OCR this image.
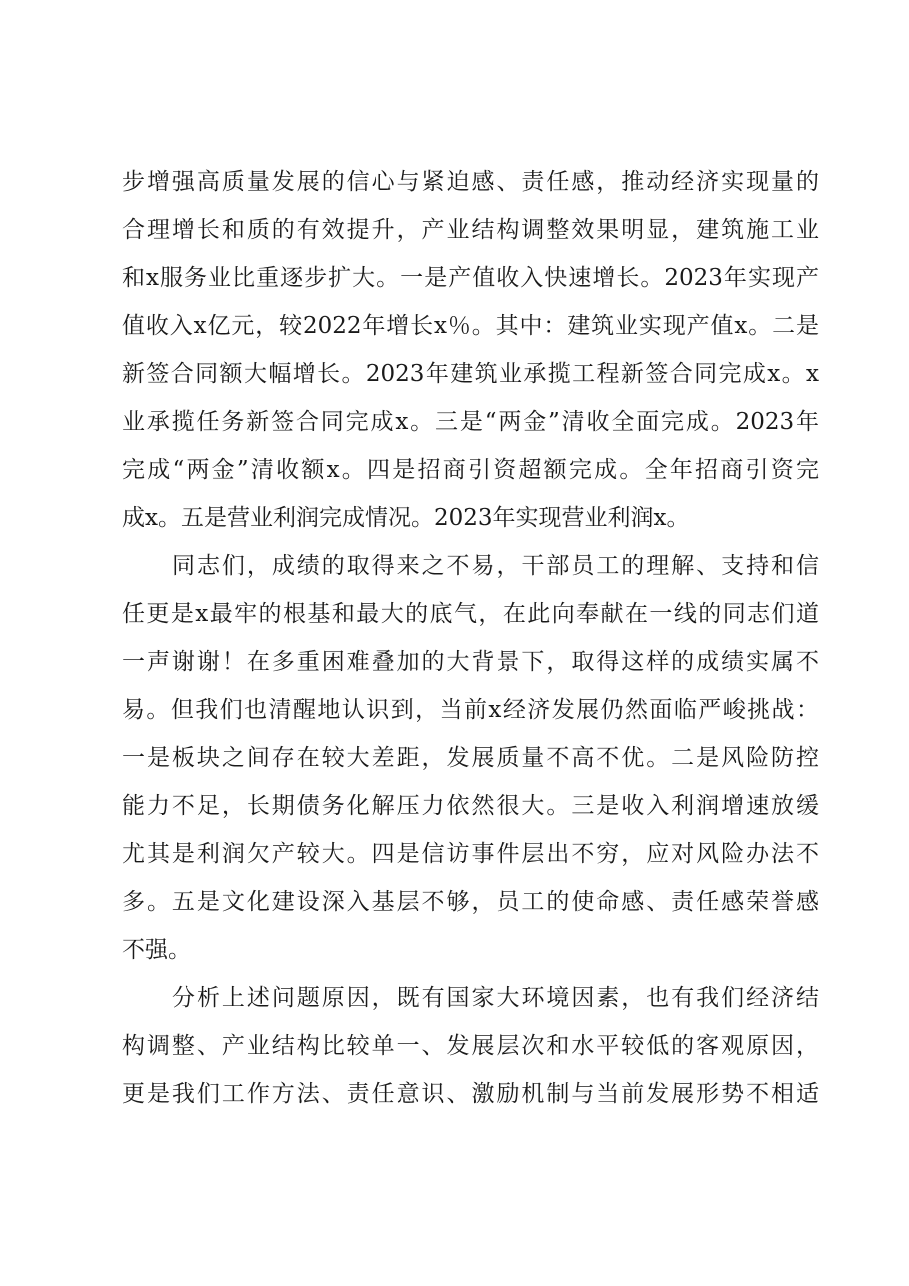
步增强高质量发展的信心与紧迫感、责任感，推动经济实现量的
合理增长和质的有效提升，产业结构调整效果明显，建筑施工业
和x服务业比重逐步扩大。一是产值收入快速增长。2023年实现产
值收入x亿元，较2022年增长x％。其中：建筑业实现产值x。二是
新签合同额大幅增长。2023年建筑业承揽工程新签合同完成x。x
业承揽任务新签合同完成x。三是“两金”清收全面完成。2023年
完成“两金”清收额x。四是招商引资超额完成。全年招商引资完
成x。五是营业利润完成情况。2023年实现营业利润x。
同志们，成绩的取得来之不易，干部员工的理解、支持和信
任更是x最牢的根基和最大的底气，在此向奉献在一线的同志们道
一声谢谢！在多重困难叠加的大背景下，取得这样的成绩实属不
易。但我们也清醒地认识到，当前x经济发展仍然面临严峻挑战：
一是板块之间存在较大差距，发展质量不高不优。二是风险防控
能力不足，长期债务化解压力依然很大。三是收入利润增速放缓
尤其是利润欠产较大。四是信访事件层出不穷，应对风险办法不
多。五是文化建设深入基层不够，员工的使命感、责任感荣誉感
不强。
分析上述问题原因，既有国家大环境因素，也有我们经济结
构调整、产业结构比较单一、发展层次和水平较低的客观原因，
更是我们工作方法、责任意识、激励机制与当前发展形势不相适
